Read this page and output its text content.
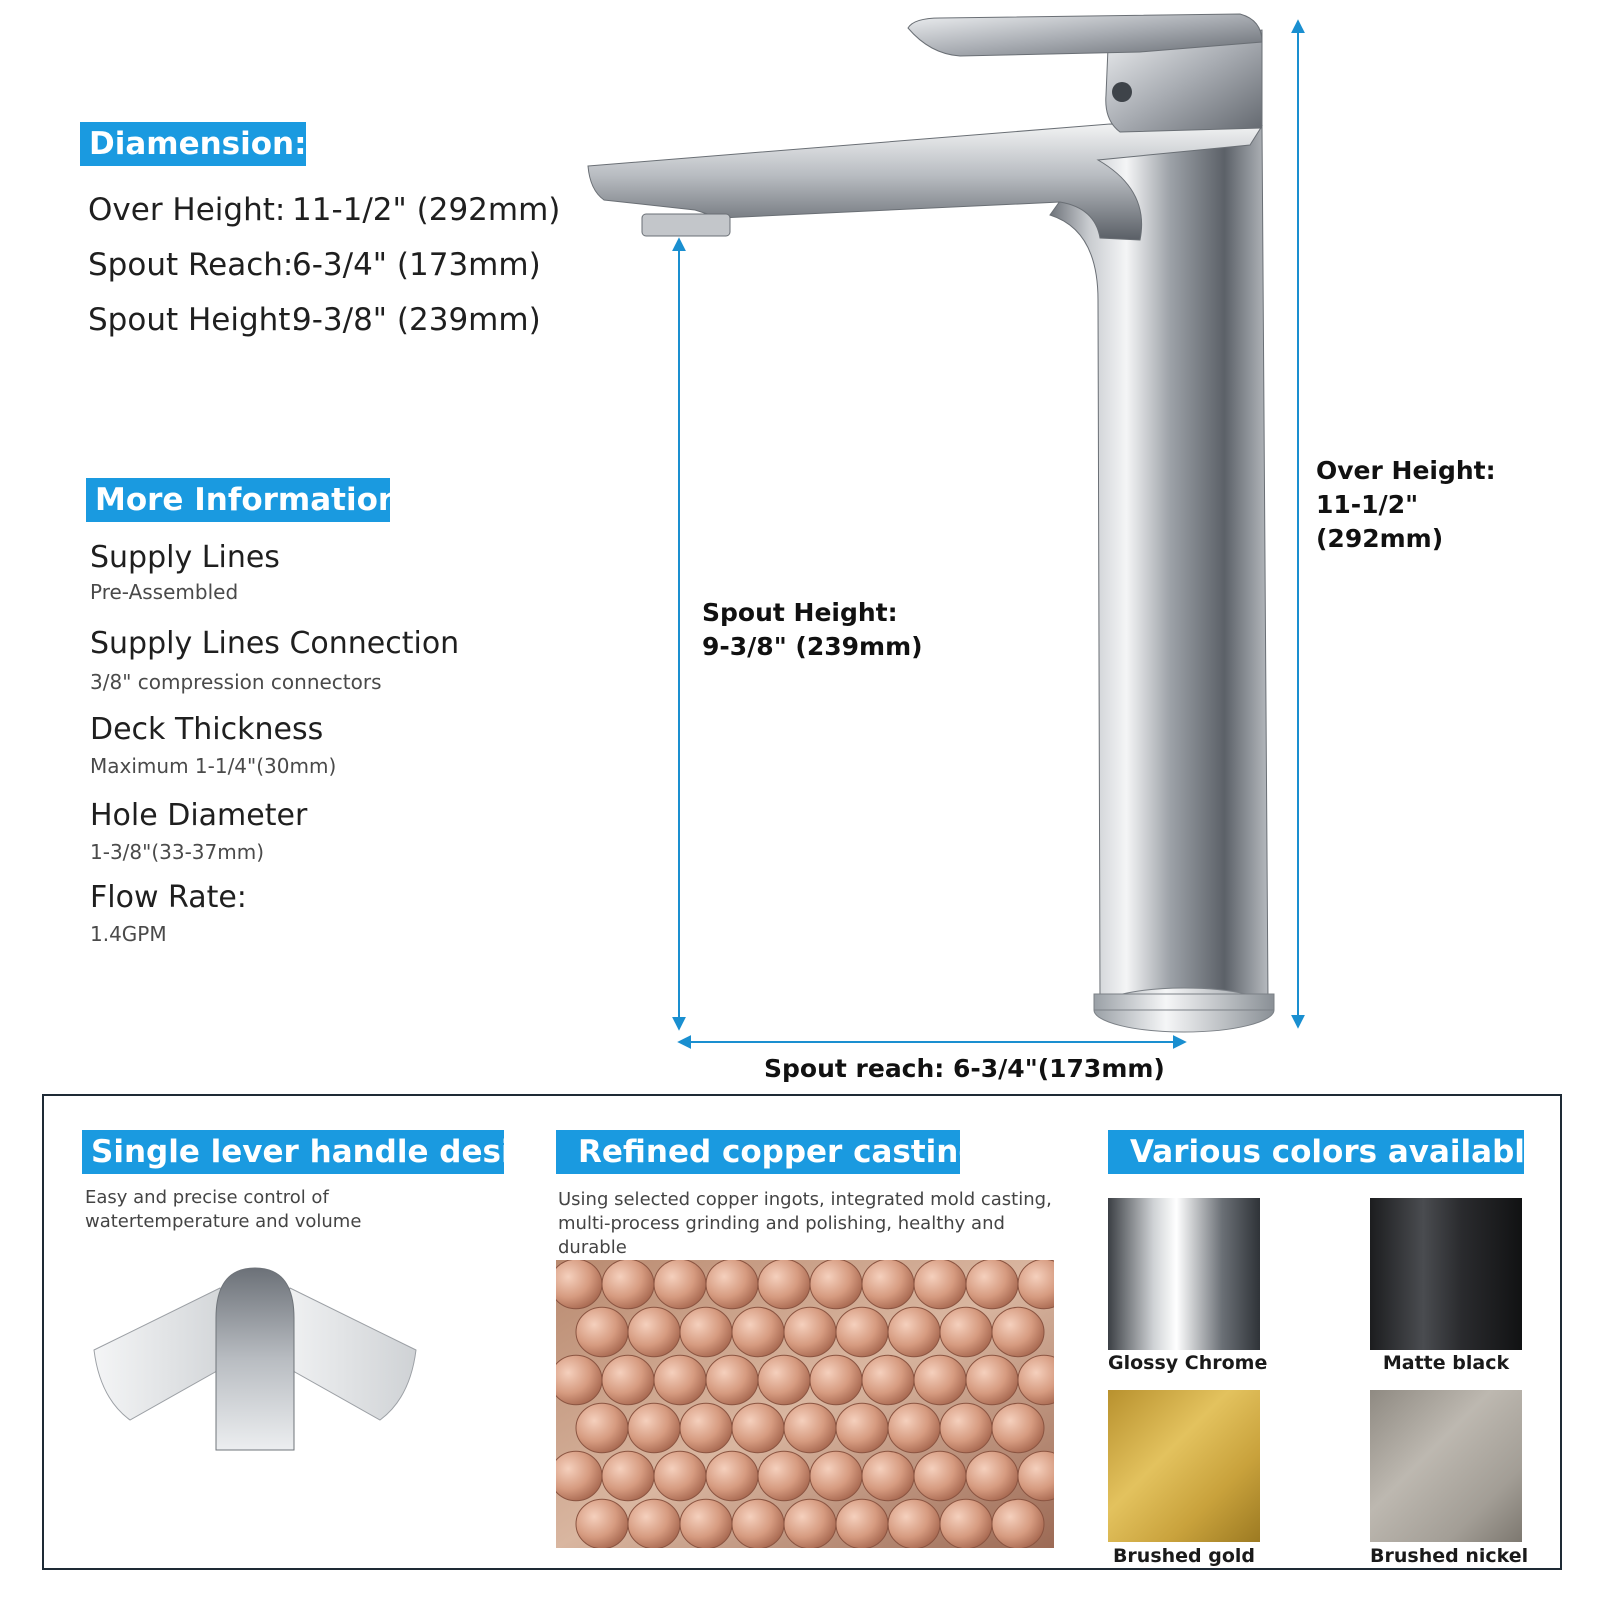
Diamension:
Over Height: 11-1/2" (292mm)
Spout Reach:6-3/4" (173mm)
Spout Height:9-3/8" (239mm)
More Information
Supply Lines
Pre-Assembled
Supply Lines Connection
3/8" compression connectors
Deck Thickness
Maximum 1-1/4"(30mm)
Hole Diameter
1-3/8"(33-37mm)
Flow Rate:
1.4GPM
Spout Height:
9-3/8" (239mm)
Over Height:
11-1/2"
(292mm)
Spout reach: 6-3/4"(173mm)
Single lever handle design
Easy and precise control of watertemperature and volume
Refined copper casting
Using selected copper ingots, integrated mold casting, multi-process grinding and polishing, healthy and durable
Various colors available
Glossy Chrome	Matte black
Brushed gold	Brushed nickel
